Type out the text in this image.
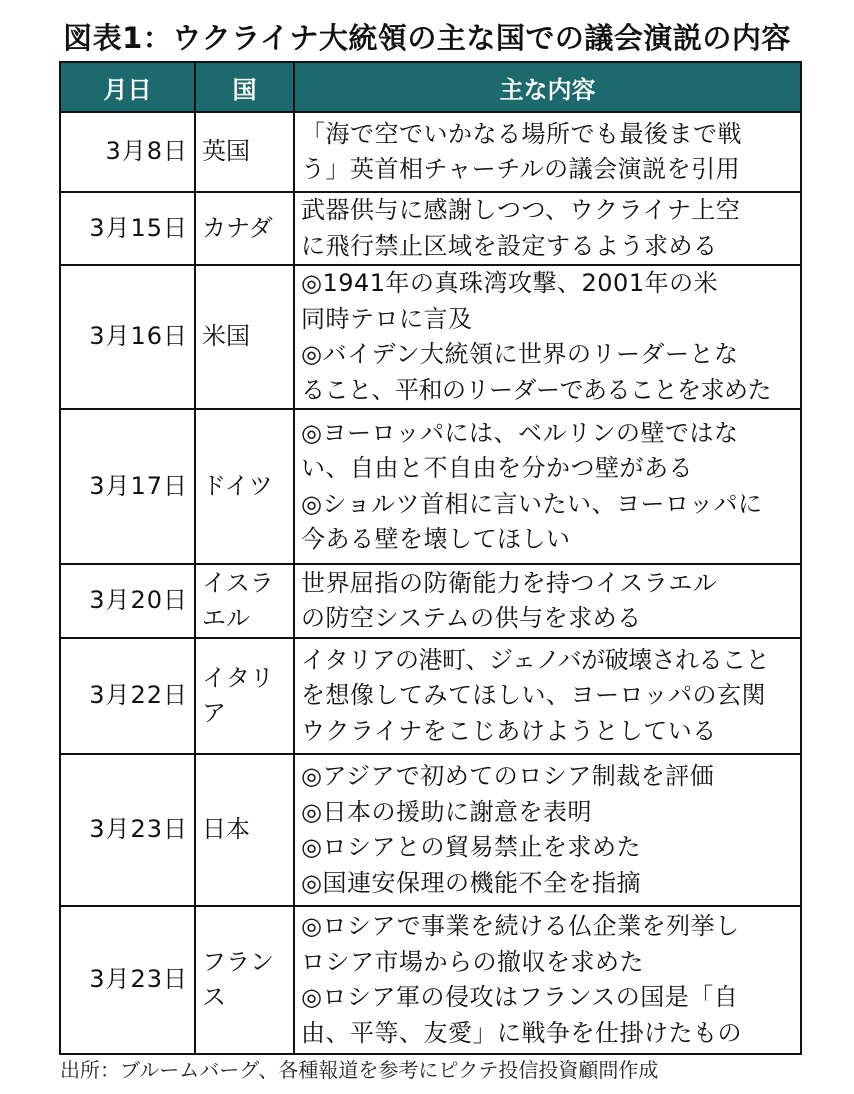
図表1：ウクライナ大統領の主な国での議会演説の内容
月日	国	主な内容
3月8日	英国	「海で空でいかなる場所でも最後まで戦
う」英首相チャーチルの議会演説を引用

3月15日	カナダ	武器供与に感謝しつつ、ウクライナ上空
に飛行禁止区域を設定するよう求める

3月16日	米国	◎1941年の真珠湾攻撃、2001年の米
同時テロに言及
◎バイデン大統領に世界のリーダーとな
ること、平和のリーダーであることを求めた

3月17日	ドイツ	◎ヨーロッパには、ベルリンの壁ではな
い、自由と不自由を分かつ壁がある
◎ショルツ首相に言いたい、ヨーロッパに
今ある壁を壊してほしい

3月20日	イスラエル	世界屈指の防衛能力を持つイスラエル
の防空システムの供与を求める

3月22日	イタリア	イタリアの港町、ジェノバが破壊されること
を想像してみてほしい、ヨーロッパの玄関
ウクライナをこじあけようとしている

3月23日	日本	◎アジアで初めてのロシア制裁を評価
◎日本の援助に謝意を表明
◎ロシアとの貿易禁止を求めた
◎国連安保理の機能不全を指摘

3月23日	フランス	◎ロシアで事業を続ける仏企業を列挙し
ロシア市場からの撤収を求めた
◎ロシア軍の侵攻はフランスの国是「自
由、平等、友愛」に戦争を仕掛けたもの
出所：ブルームバーグ、各種報道を参考にピクテ投信投資顧問作成
